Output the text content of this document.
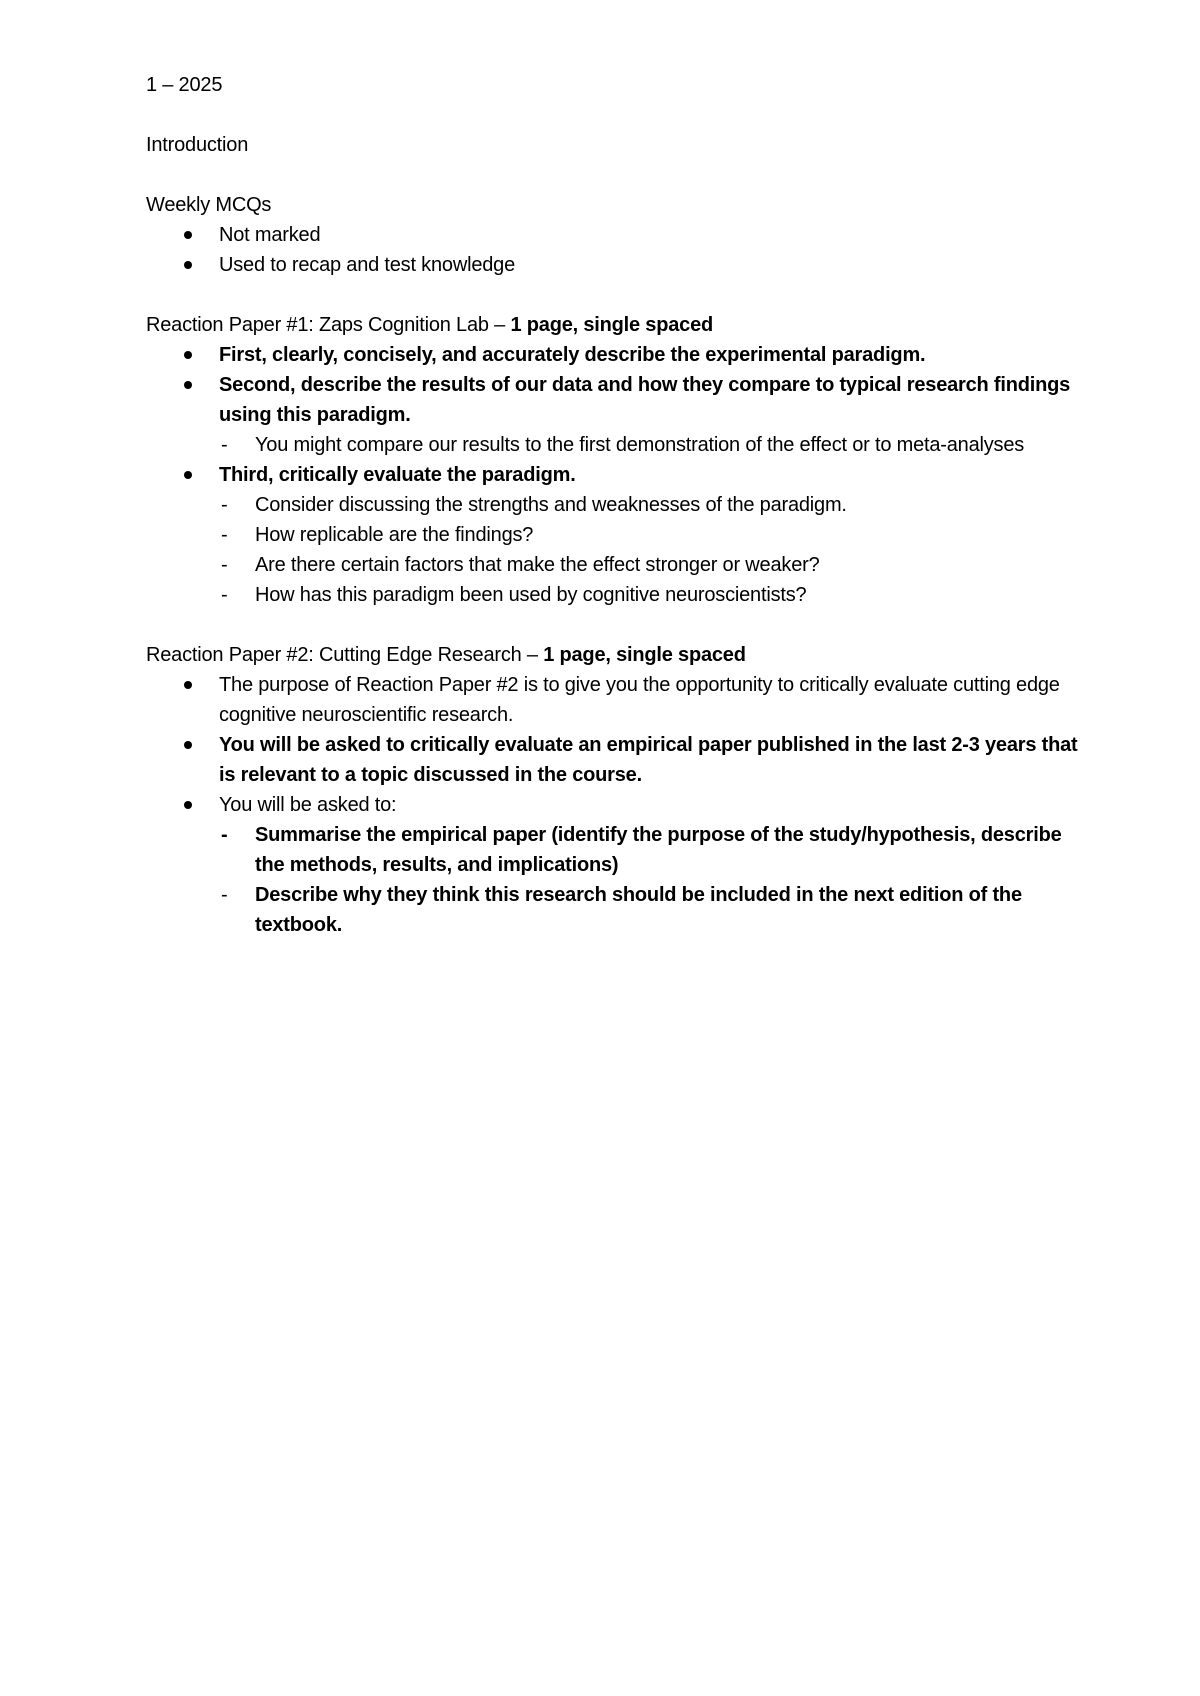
1 – 2025

Introduction

Weekly MCQs

Not marked
Used to recap and test knowledge

Reaction Paper #1: Zaps Cognition Lab – 1 page, single spaced

First, clearly, concisely, and accurately describe the experimental paradigm.
Second, describe the results of our data and how they compare to typical research findings using this paradigm.
- You might compare our results to the first demonstration of the effect or to meta-analyses
Third, critically evaluate the paradigm.
- Consider discussing the strengths and weaknesses of the paradigm.
- How replicable are the findings?
- Are there certain factors that make the effect stronger or weaker?
- How has this paradigm been used by cognitive neuroscientists?

Reaction Paper #2: Cutting Edge Research – 1 page, single spaced

The purpose of Reaction Paper #2 is to give you the opportunity to critically evaluate cutting edge cognitive neuroscientific research.
You will be asked to critically evaluate an empirical paper published in the last 2-3 years that is relevant to a topic discussed in the course.
You will be asked to:
- Summarise the empirical paper (identify the purpose of the study/hypothesis, describe the methods, results, and implications)
- Describe why they think this research should be included in the next edition of the textbook.
